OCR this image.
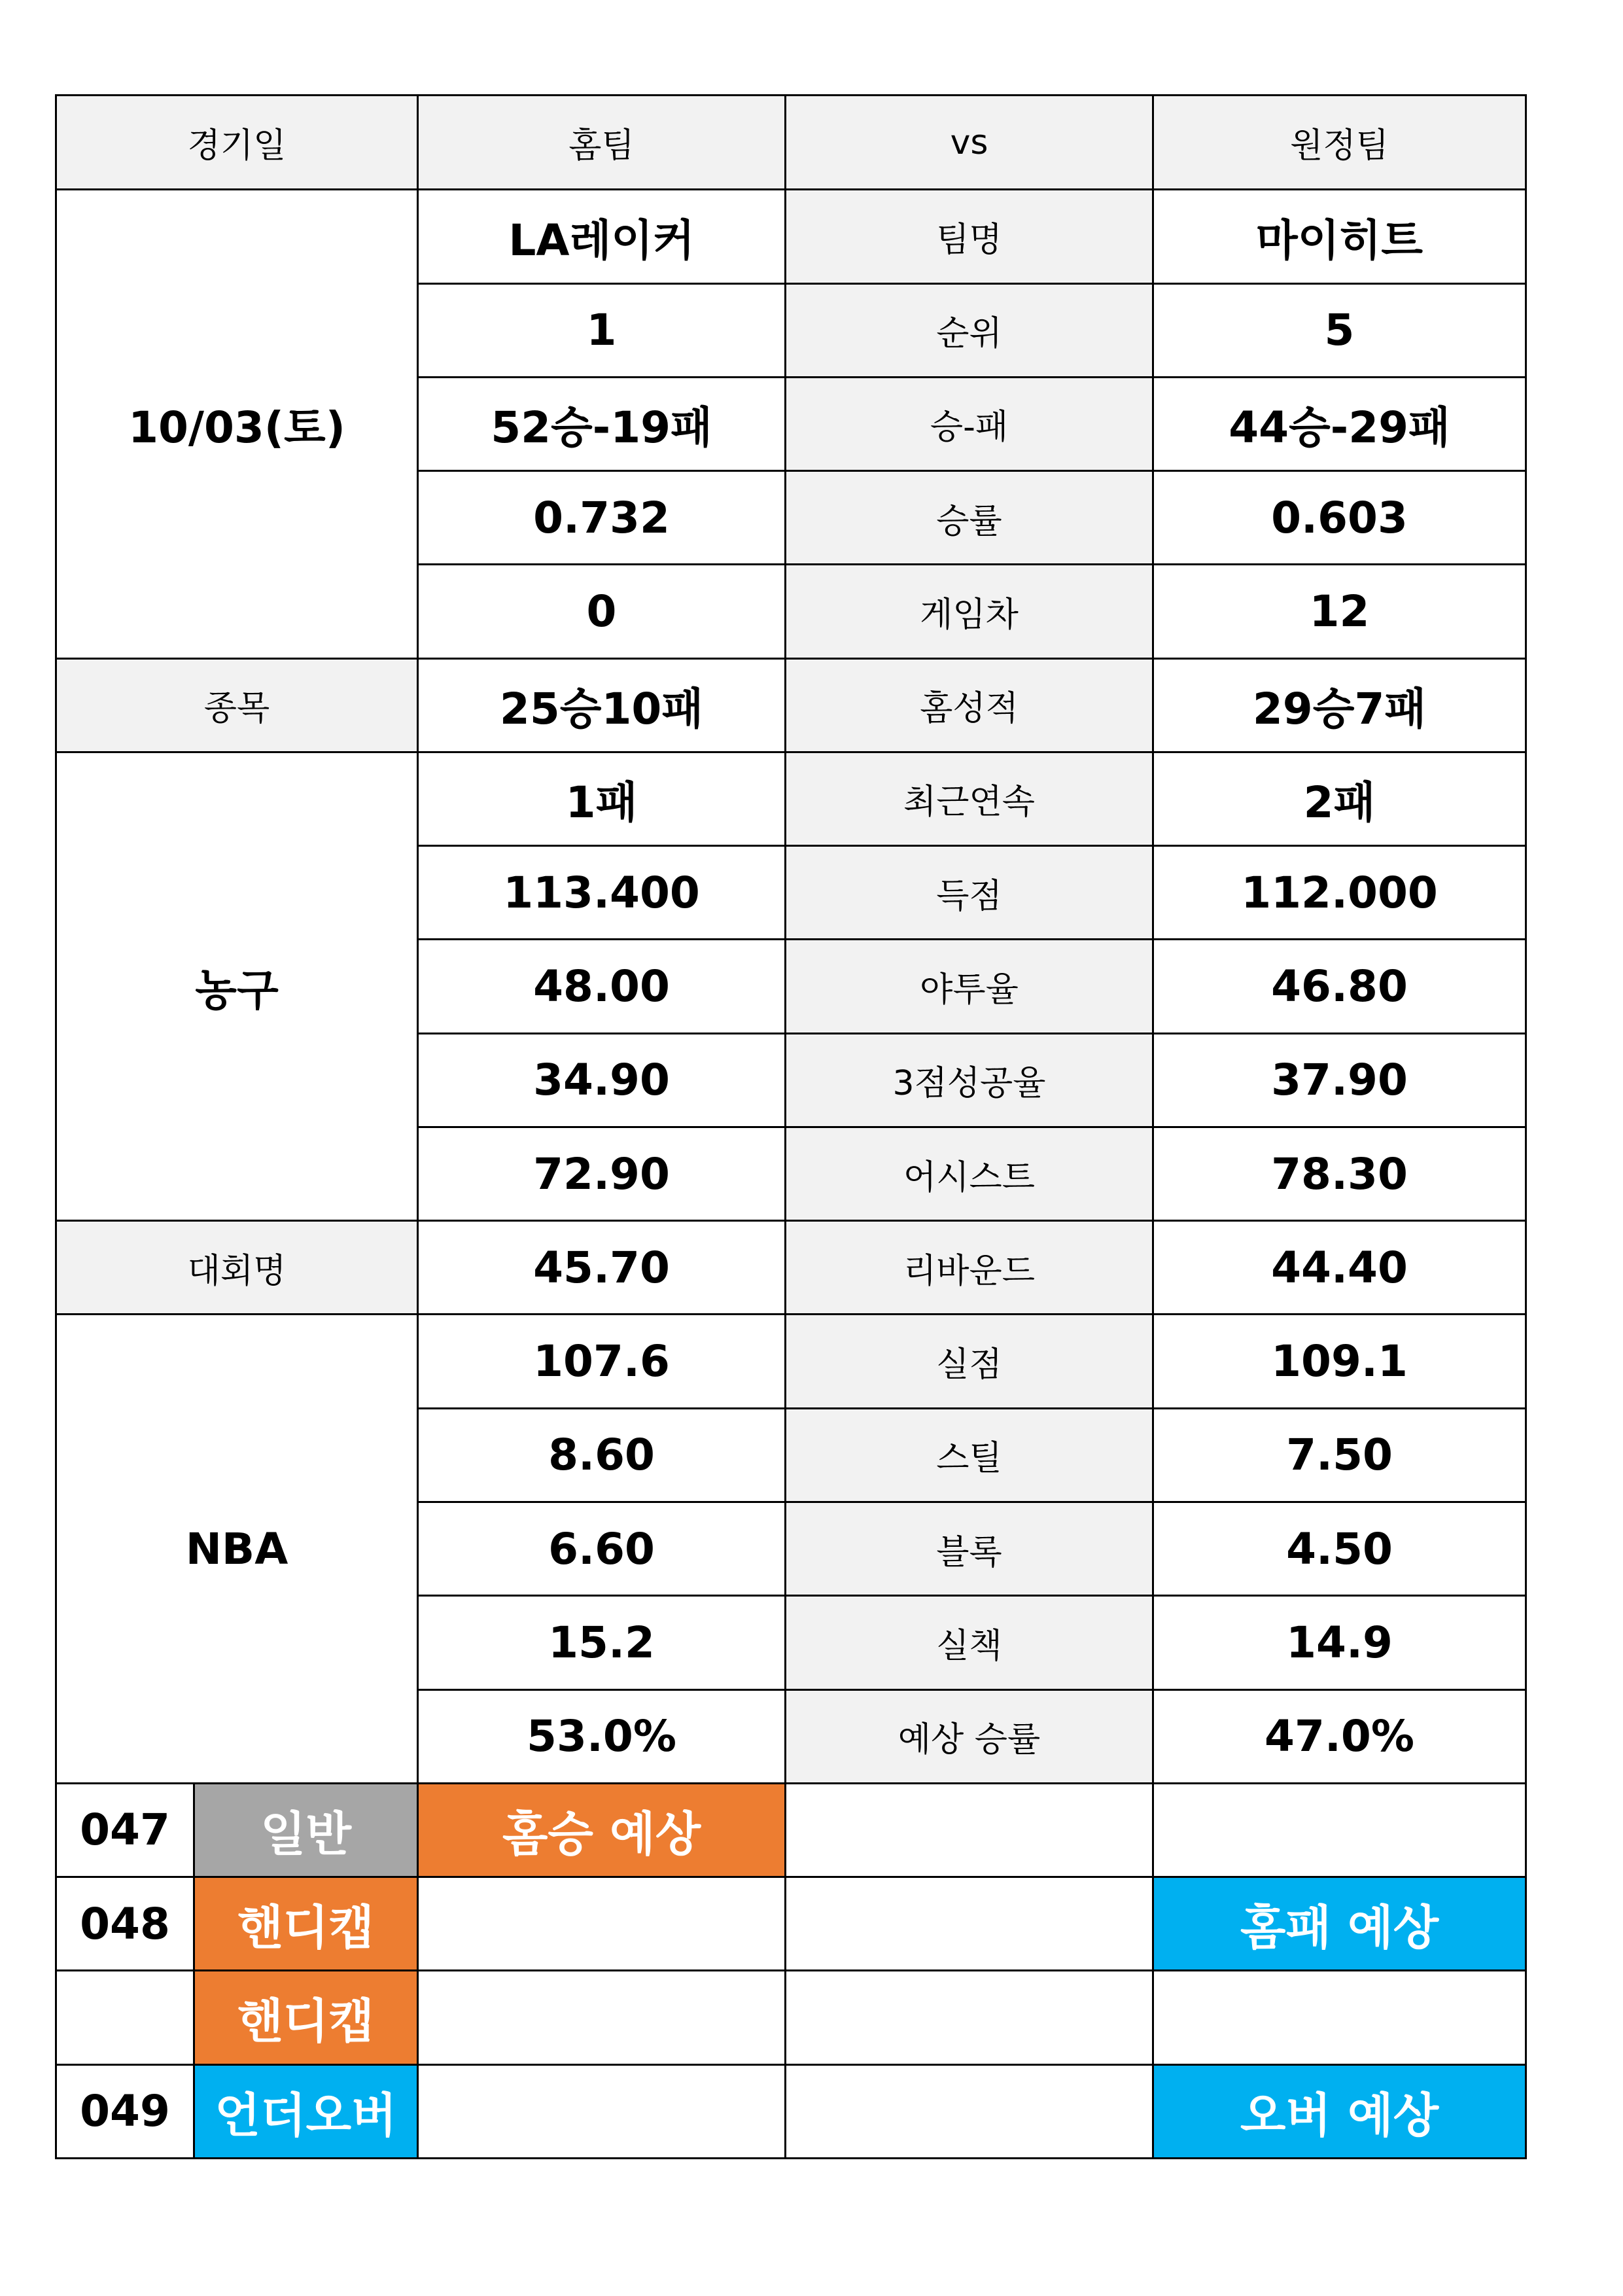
경기일		홈팀	vs	원정팀
10/03(토)		LA레이커	팀명	마이히트
		1	순위	5
		52승-19패	승-패	44승-29패
		0.732	승률	0.603
		0	게임차	12
종목		25승10패	홈성적	29승7패
농구		1패	최근연속	2패
		113.400	득점	112.000
		48.00	야투율	46.80
		34.90	3점성공율	37.90
		72.90	어시스트	78.30
대회명		45.70	리바운드	44.40
NBA		107.6	실점	109.1
		8.60	스틸	7.50
		6.60	블록	4.50
		15.2	실책	14.9
		53.0%	예상 승률	47.0%
047	일반	홈승 예상		
048	핸디캡			홈패 예상
	핸디캡			
049	언더오버			오버 예상
